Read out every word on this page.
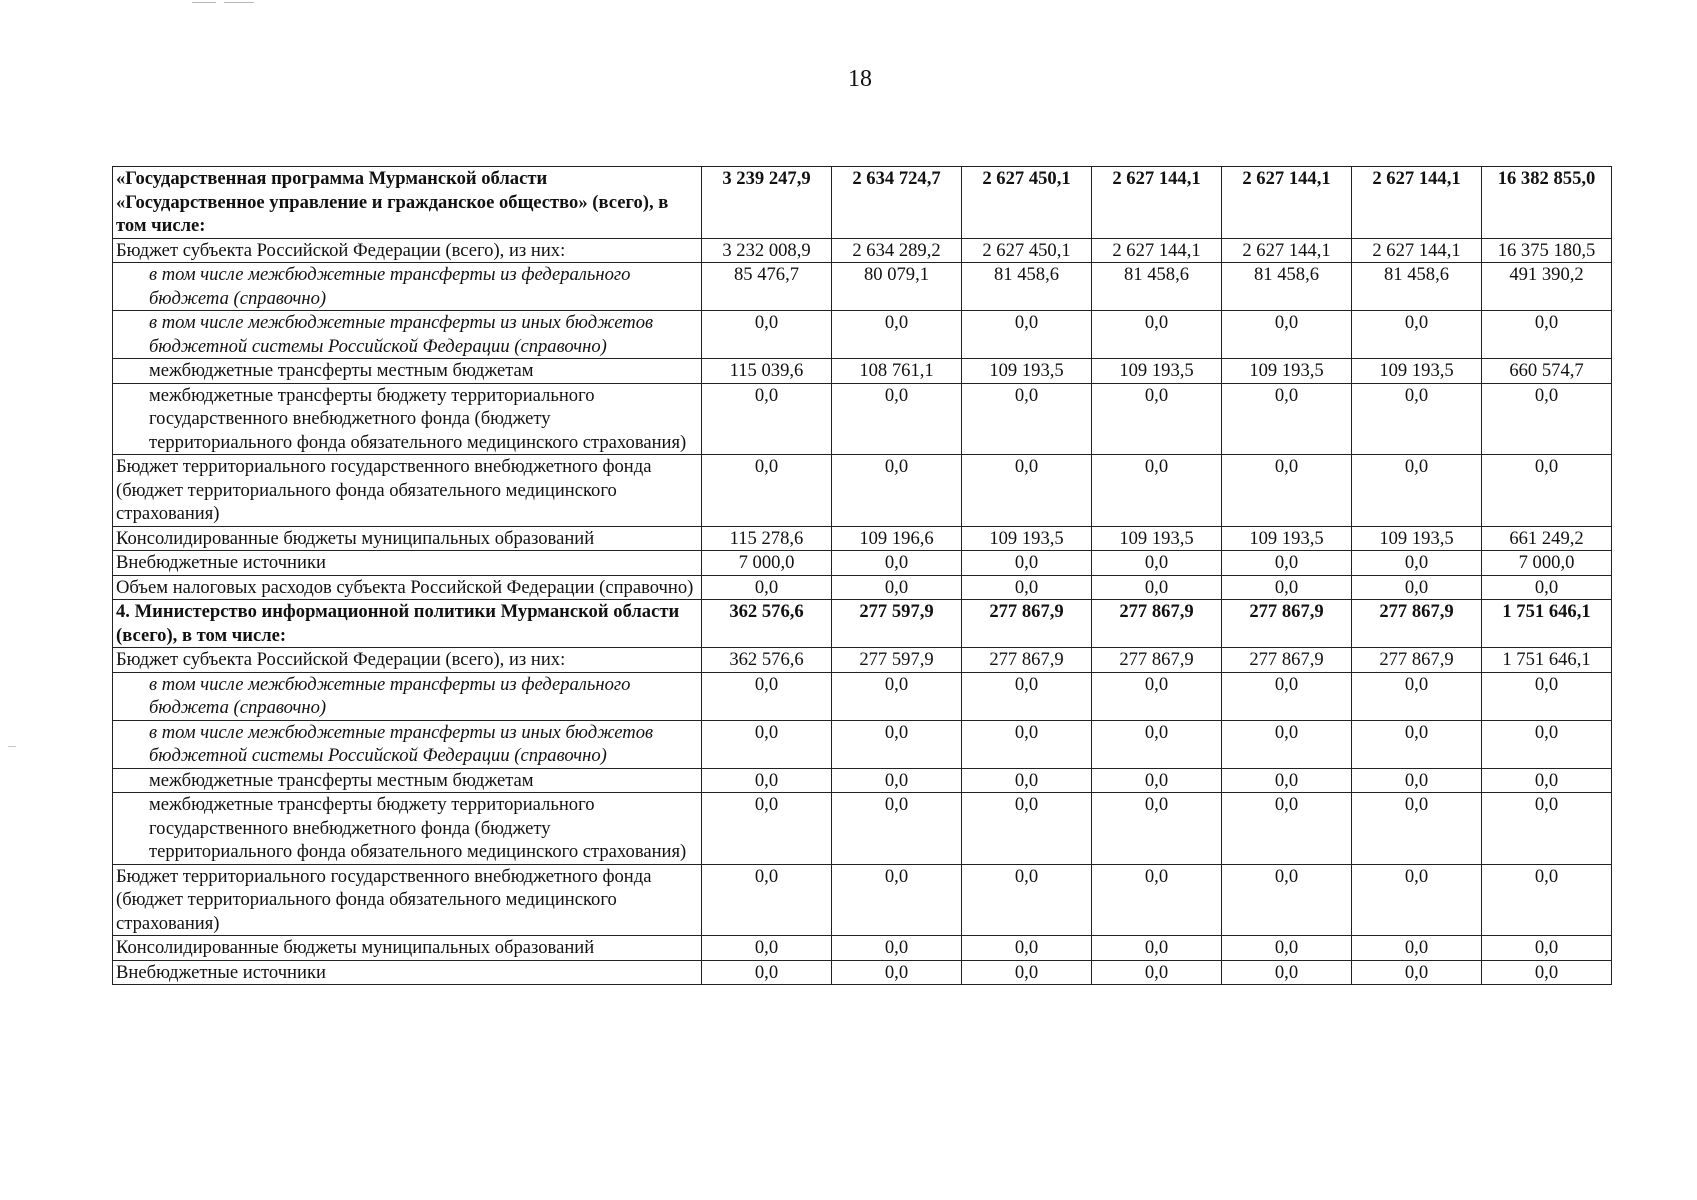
18
«Государственная программа Мурманской области «Государственное управление и гражданское общество» (всего), в том числе:	3 239 247,9	2 634 724,7	2 627 450,1	2 627 144,1	2 627 144,1	2 627 144,1	16 382 855,0
Бюджет субъекта Российской Федерации (всего), из них:	3 232 008,9	2 634 289,2	2 627 450,1	2 627 144,1	2 627 144,1	2 627 144,1	16 375 180,5
в том числе межбюджетные трансферты из федерального бюджета (справочно)	85 476,7	80 079,1	81 458,6	81 458,6	81 458,6	81 458,6	491 390,2
в том числе межбюджетные трансферты из иных бюджетов бюджетной системы Российской Федерации (справочно)	0,0	0,0	0,0	0,0	0,0	0,0	0,0
межбюджетные трансферты местным бюджетам	115 039,6	108 761,1	109 193,5	109 193,5	109 193,5	109 193,5	660 574,7
межбюджетные трансферты бюджету территориального государственного внебюджетного фонда (бюджету территориального фонда обязательного медицинского страхования)	0,0	0,0	0,0	0,0	0,0	0,0	0,0
Бюджет территориального государственного внебюджетного фонда (бюджет территориального фонда обязательного медицинского страхования)	0,0	0,0	0,0	0,0	0,0	0,0	0,0
Консолидированные бюджеты муниципальных образований	115 278,6	109 196,6	109 193,5	109 193,5	109 193,5	109 193,5	661 249,2
Внебюджетные источники	7 000,0	0,0	0,0	0,0	0,0	0,0	7 000,0
Объем налоговых расходов субъекта Российской Федерации (справочно)	0,0	0,0	0,0	0,0	0,0	0,0	0,0
4. Министерство информационной политики Мурманской области (всего), в том числе:	362 576,6	277 597,9	277 867,9	277 867,9	277 867,9	277 867,9	1 751 646,1
Бюджет субъекта Российской Федерации (всего), из них:	362 576,6	277 597,9	277 867,9	277 867,9	277 867,9	277 867,9	1 751 646,1
в том числе межбюджетные трансферты из федерального бюджета (справочно)	0,0	0,0	0,0	0,0	0,0	0,0	0,0
в том числе межбюджетные трансферты из иных бюджетов бюджетной системы Российской Федерации (справочно)	0,0	0,0	0,0	0,0	0,0	0,0	0,0
межбюджетные трансферты местным бюджетам	0,0	0,0	0,0	0,0	0,0	0,0	0,0
межбюджетные трансферты бюджету территориального государственного внебюджетного фонда (бюджету территориального фонда обязательного медицинского страхования)	0,0	0,0	0,0	0,0	0,0	0,0	0,0
Бюджет территориального государственного внебюджетного фонда (бюджет территориального фонда обязательного медицинского страхования)	0,0	0,0	0,0	0,0	0,0	0,0	0,0
Консолидированные бюджеты муниципальных образований	0,0	0,0	0,0	0,0	0,0	0,0	0,0
Внебюджетные источники	0,0	0,0	0,0	0,0	0,0	0,0	0,0
